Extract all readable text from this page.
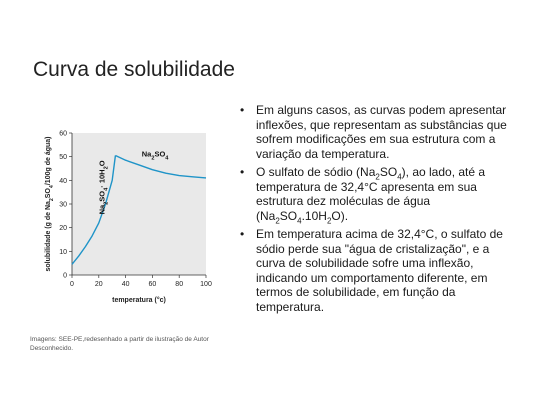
Curva de solubilidade
0	20	40	60	80 100
0
10
20
30
40
50
60
temperatura (°c)
solubilidade (g de $Na_2SO_4/100g$ de água)
$Na_2SO_4\cdot 10H_2O$
$Na_2SO_4$
Imagens: SEE-PE,redesenhado a partir de ilustração de Autor Desconhecido.
• Em alguns casos, as curvas podem apresentar inflexões, que representam as substâncias que sofrem modificações em sua estrutura com a variação da temperatura.
• O sulfato de sódio $(Na_2SO_4)$, ao lado, até a temperatura de 32,4°C apresenta em sua estrutura dez moléculas de água $(Na_2SO_4.10H_2O)$.
• Em temperatura acima de 32,4°C, o sulfato de sódio perde sua "água de cristalização", e a curva de solubilidade sofre uma inflexão, indicando um comportamento diferente, em termos de solubilidade, em função da temperatura.
